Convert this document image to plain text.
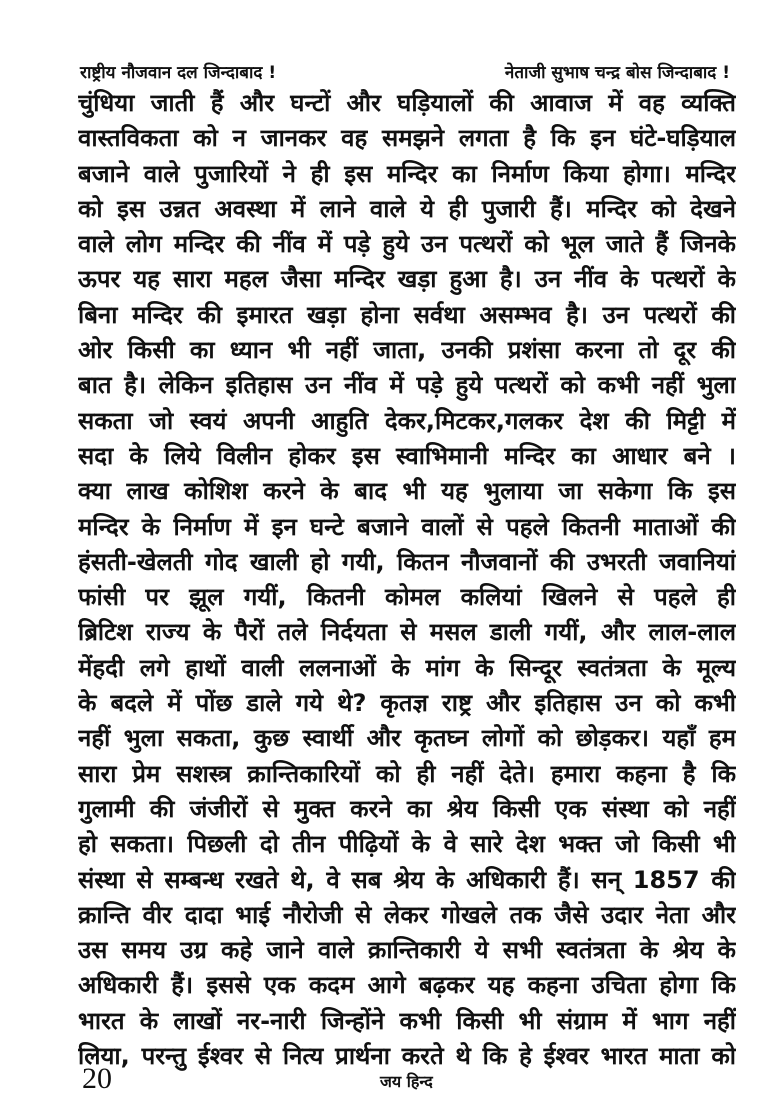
राष्ट्रीय नौजवान दल जिन्दाबाद !	नेताजी सुभाष चन्द्र बोस जिन्दाबाद !
चुंधिया जाती हैं और घन्टों और घड़ियालों की आवाज में वह व्यक्ति
वास्तविकता को न जानकर वह समझने लगता है कि इन घंटे-घड़ियाल
बजाने वाले पुजारियों ने ही इस मन्दिर का निर्माण किया होगा। मन्दिर
को इस उन्नत अवस्था में लाने वाले ये ही पुजारी हैं। मन्दिर को देखने
वाले लोग मन्दिर की नींव में पड़े हुये उन पत्थरों को भूल जाते हैं जिनके
ऊपर यह सारा महल जैसा मन्दिर खड़ा हुआ है। उन नींव के पत्थरों के
बिना मन्दिर की इमारत खड़ा होना सर्वथा असम्भव है। उन पत्थरों की
ओर किसी का ध्यान भी नहीं जाता, उनकी प्रशंसा करना तो दूर की
बात है। लेकिन इतिहास उन नींव में पड़े हुये पत्थरों को कभी नहीं भुला
सकता जो स्वयं अपनी आहुति देकर,मिटकर,गलकर देश की मिट्टी में
सदा के लिये विलीन होकर इस स्वाभिमानी मन्दिर का आधार बने ।
क्या लाख कोशिश करने के बाद भी यह भुलाया जा सकेगा कि इस
मन्दिर के निर्माण में इन घन्टे बजाने वालों से पहले कितनी माताओं की
हंसती-खेलती गोद खाली हो गयी, कितन नौजवानों की उभरती जवानियां
फांसी पर झूल गयीं, कितनी कोमल कलियां खिलने से पहले ही
ब्रिटिश राज्य के पैरों तले निर्दयता से मसल डाली गयीं, और लाल-लाल
मेंहदी लगे हाथों वाली ललनाओं के मांग के सिन्दूर स्वतंत्रता के मूल्य
के बदले में पोंछ डाले गये थे? कृतज्ञ राष्ट्र और इतिहास उन को कभी
नहीं भुला सकता, कुछ स्वार्थी और कृतघ्न लोगों को छोड़कर। यहाँ हम
सारा प्रेम सशस्त्र क्रान्तिकारियों को ही नहीं देते। हमारा कहना है कि
गुलामी की जंजीरों से मुक्त करने का श्रेय किसी एक संस्था को नहीं
हो सकता। पिछली दो तीन पीढ़ियों के वे सारे देश भक्त जो किसी भी
संस्था से सम्बन्ध रखते थे, वे सब श्रेय के अधिकारी हैं। सन् 1857 की
क्रान्ति वीर दादा भाई नौरोजी से लेकर गोखले तक जैसे उदार नेता और
उस समय उग्र कहे जाने वाले क्रान्तिकारी ये सभी स्वतंत्रता के श्रेय के
अधिकारी हैं। इससे एक कदम आगे बढ़कर यह कहना उचिता होगा कि
भारत के लाखों नर-नारी जिन्होंने कभी किसी भी संग्राम में भाग नहीं
लिया, परन्तु ईश्वर से नित्य प्रार्थना करते थे कि हे ईश्वर भारत माता को
20	जय हिन्द
